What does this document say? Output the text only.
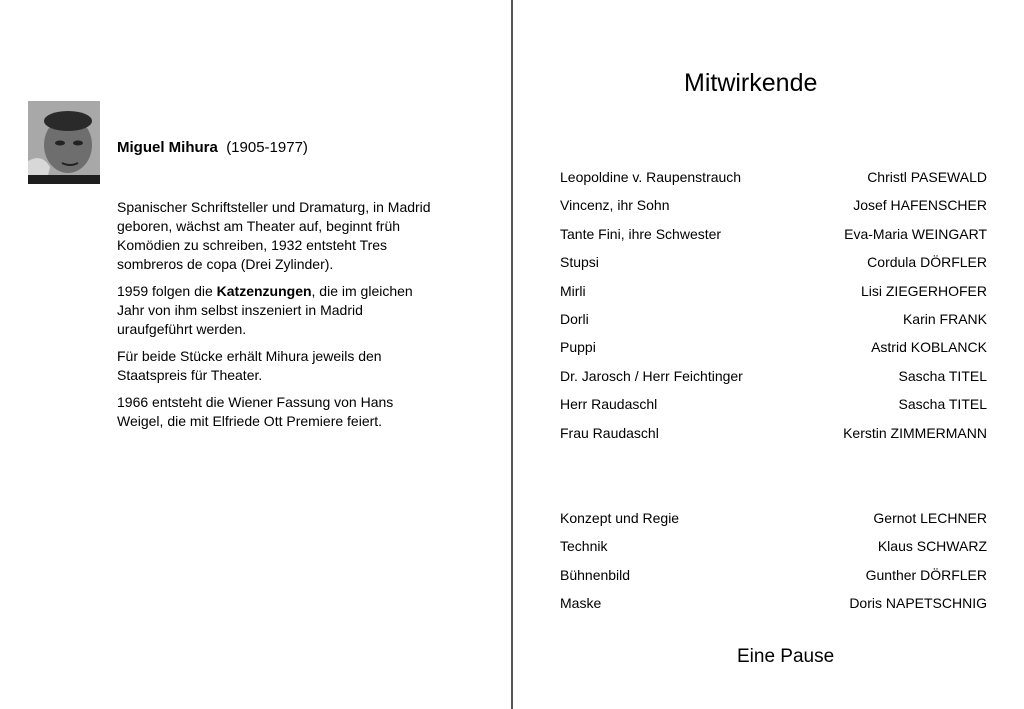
Miguel Mihura (1905-1977)

Spanischer Schriftsteller und Dramaturg, in Madrid geboren, wächst am Theater auf, beginnt früh Komödien zu schreiben, 1932 entsteht Tres sombreros de copa (Drei Zylinder).

1959 folgen die Katzenzungen, die im gleichen Jahr von ihm selbst inszeniert in Madrid uraufgeführt werden.

Für beide Stücke erhält Mihura jeweils den Staatspreis für Theater.

1966 entsteht die Wiener Fassung von Hans Weigel, die mit Elfriede Ott Premiere feiert.

Mitwirkende
Leopoldine v. Raupenstrauch	Christl PASEWALD
Vincenz, ihr Sohn	Josef HAFENSCHER
Tante Fini, ihre Schwester	Eva-Maria WEINGART
Stupsi	Cordula DÖRFLER
Mirli	Lisi ZIEGERHOFER
Dorli	Karin FRANK
Puppi	Astrid KOBLANCK
Dr. Jarosch / Herr Feichtinger	Sascha TITEL
Herr Raudaschl	Sascha TITEL
Frau Raudaschl	Kerstin ZIMMERMANN
Konzept und Regie	Gernot LECHNER
Technik	Klaus SCHWARZ
Bühnenbild	Gunther DÖRFLER
Maske	Doris NAPETSCHNIG
Eine Pause
